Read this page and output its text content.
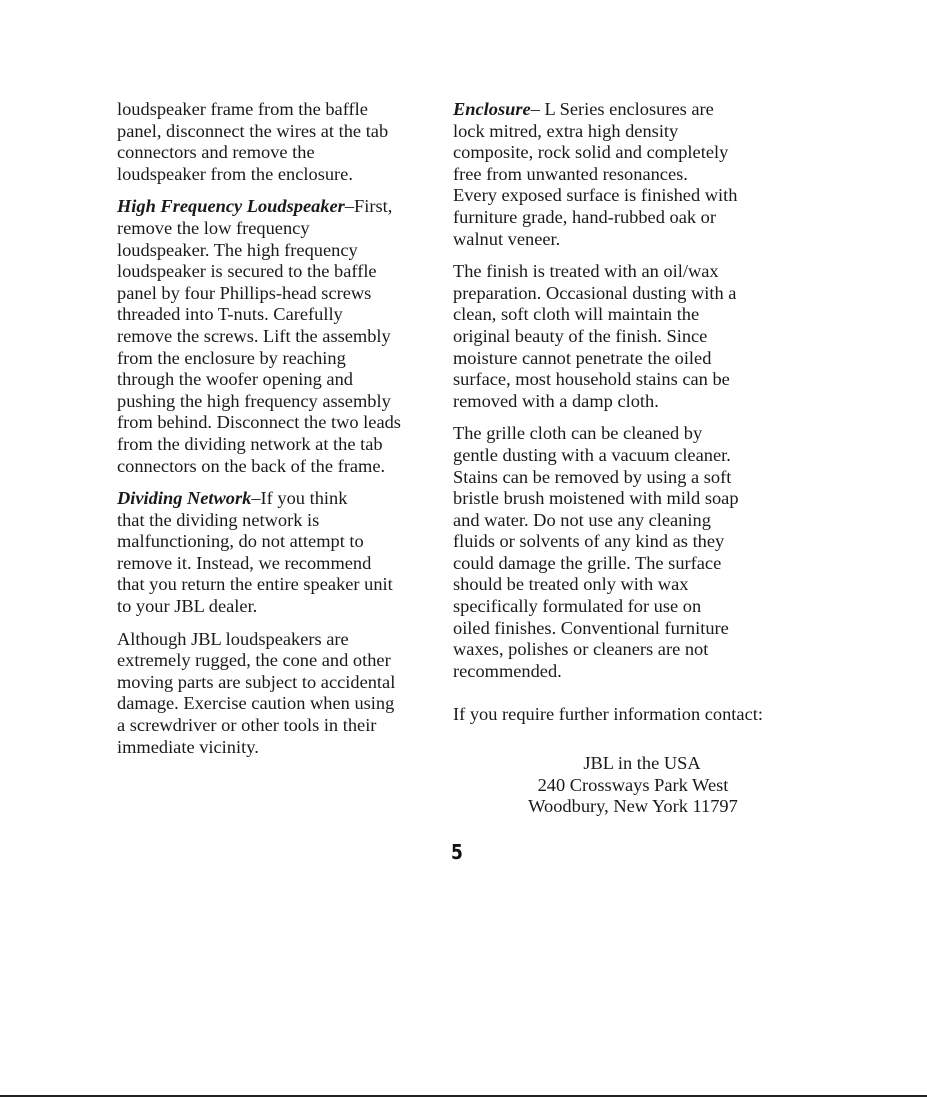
loudspeaker frame from the baffle
panel, disconnect the wires at the tab
connectors and remove the
loudspeaker from the enclosure.

High Frequency Loudspeaker–First,
remove the low frequency
loudspeaker. The high frequency
loudspeaker is secured to the baffle
panel by four Phillips-head screws
threaded into T-nuts. Carefully
remove the screws. Lift the assembly
from the enclosure by reaching
through the woofer opening and
pushing the high frequency assembly
from behind. Disconnect the two leads
from the dividing network at the tab
connectors on the back of the frame.

Dividing Network–If you think
that the dividing network is
malfunctioning, do not attempt to
remove it. Instead, we recommend
that you return the entire speaker unit
to your JBL dealer.

Although JBL loudspeakers are
extremely rugged, the cone and other
moving parts are subject to accidental
damage. Exercise caution when using
a screwdriver or other tools in their
immediate vicinity.

Enclosure– L Series enclosures are
lock mitred, extra high density
composite, rock solid and completely
free from unwanted resonances.
Every exposed surface is finished with
furniture grade, hand-rubbed oak or
walnut veneer.

The finish is treated with an oil/wax
preparation. Occasional dusting with a
clean, soft cloth will maintain the
original beauty of the finish. Since
moisture cannot penetrate the oiled
surface, most household stains can be
removed with a damp cloth.

The grille cloth can be cleaned by
gentle dusting with a vacuum cleaner.
Stains can be removed by using a soft
bristle brush moistened with mild soap
and water. Do not use any cleaning
fluids or solvents of any kind as they
could damage the grille. The surface
should be treated only with wax
specifically formulated for use on
oiled finishes. Conventional furniture
waxes, polishes or cleaners are not
recommended.

If you require further information contact:

JBL in the USA
240 Crossways Park West
Woodbury, New York 11797
5
